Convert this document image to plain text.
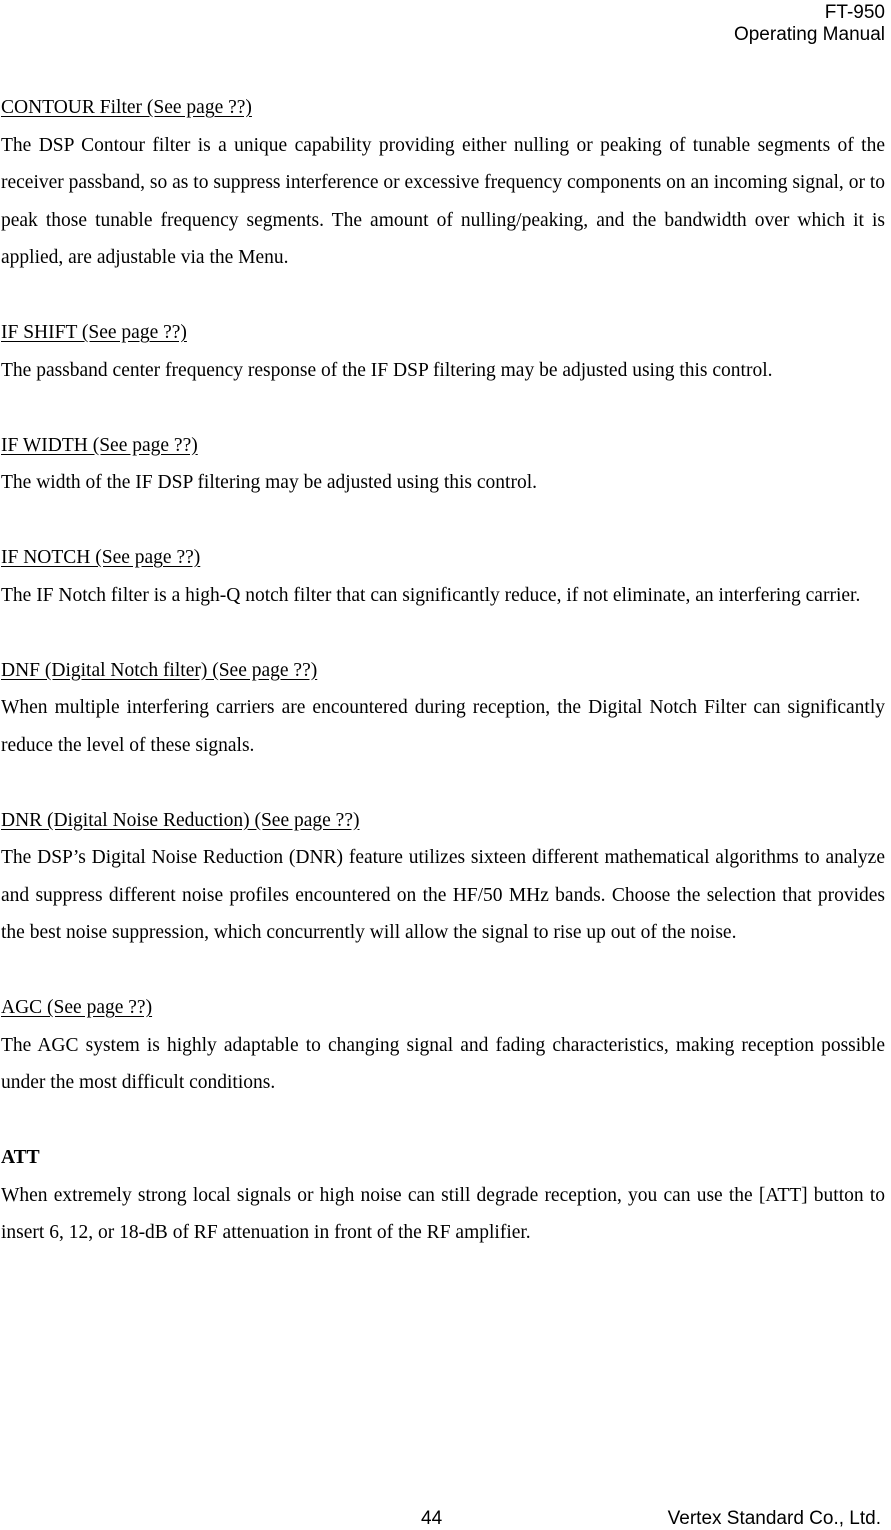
FT-950
Operating Manual
CONTOUR Filter (See page ??)
The DSP Contour filter is a unique capability providing either nulling or peaking of tunable segments of the receiver passband, so as to suppress interference or excessive frequency components on an incoming signal, or to peak those tunable frequency segments. The amount of nulling/peaking, and the bandwidth over which it is applied, are adjustable via the Menu.
IF SHIFT (See page ??)
The passband center frequency response of the IF DSP filtering may be adjusted using this control.
IF WIDTH (See page ??)
The width of the IF DSP filtering may be adjusted using this control.
IF NOTCH (See page ??)
The IF Notch filter is a high-Q notch filter that can significantly reduce, if not eliminate, an interfering carrier.
DNF (Digital Notch filter) (See page ??)
When multiple interfering carriers are encountered during reception, the Digital Notch Filter can significantly reduce the level of these signals.
DNR (Digital Noise Reduction) (See page ??)
The DSP’s Digital Noise Reduction (DNR) feature utilizes sixteen different mathematical algorithms to analyze and suppress different noise profiles encountered on the HF/50 MHz bands. Choose the selection that provides the best noise suppression, which concurrently will allow the signal to rise up out of the noise.
AGC (See page ??)
The AGC system is highly adaptable to changing signal and fading characteristics, making reception possible under the most difficult conditions.
ATT
When extremely strong local signals or high noise can still degrade reception, you can use the [ATT] button to insert 6, 12, or 18-dB of RF attenuation in front of the RF amplifier.
44	Vertex Standard Co., Ltd.
